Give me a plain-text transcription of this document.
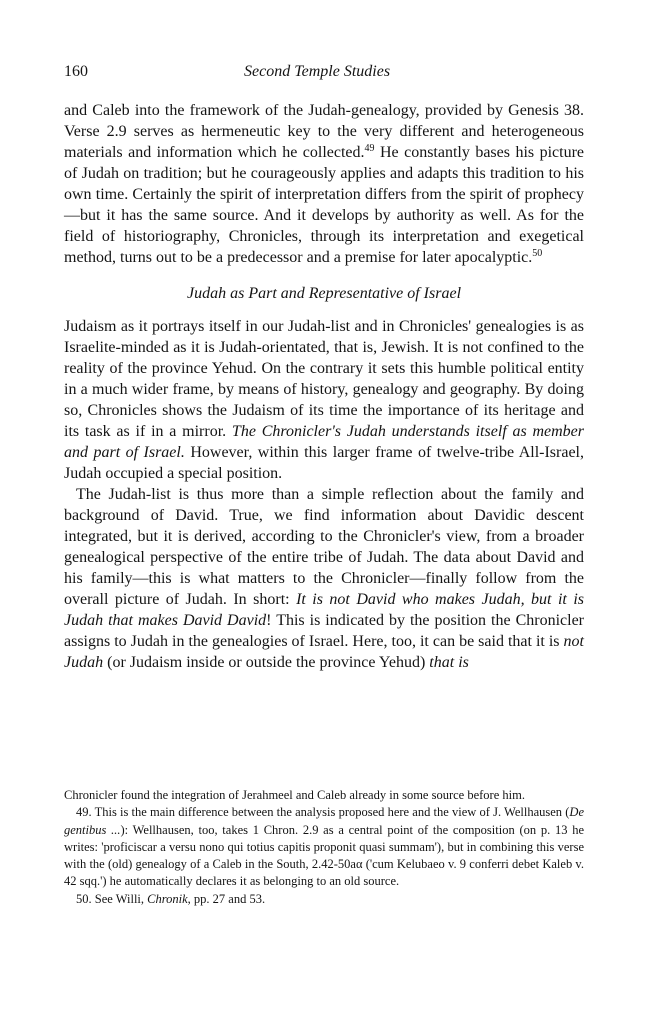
160	Second Temple Studies

and Caleb into the framework of the Judah-genealogy, provided by Genesis 38. Verse 2.9 serves as hermeneutic key to the very different and heterogeneous materials and information which he collected.$^{49}$ He constantly bases his picture of Judah on tradition; but he courageously applies and adapts this tradition to his own time. Certainly the spirit of interpretation differs from the spirit of prophecy—but it has the same source. And it develops by authority as well. As for the field of historiography, Chronicles, through its interpretation and exegetical method, turns out to be a predecessor and a premise for later apocalyptic.$^{50}$

Judah as Part and Representative of Israel

Judaism as it portrays itself in our Judah-list and in Chronicles' genealogies is as Israelite-minded as it is Judah-orientated, that is, Jewish. It is not confined to the reality of the province Yehud. On the contrary it sets this humble political entity in a much wider frame, by means of history, genealogy and geography. By doing so, Chronicles shows the Judaism of its time the importance of its heritage and its task as if in a mirror. The Chronicler's Judah understands itself as member and part of Israel. However, within this larger frame of twelve-tribe All-Israel, Judah occupied a special position.

The Judah-list is thus more than a simple reflection about the family and background of David. True, we find information about Davidic descent integrated, but it is derived, according to the Chronicler's view, from a broader genealogical perspective of the entire tribe of Judah. The data about David and his family—this is what matters to the Chronicler—finally follow from the overall picture of Judah. In short: It is not David who makes Judah, but it is Judah that makes David David! This is indicated by the position the Chronicler assigns to Judah in the genealogies of Israel. Here, too, it can be said that it is not Judah (or Judaism inside or outside the province Yehud) that is

Chronicler found the integration of Jerahmeel and Caleb already in some source before him.

49. This is the main difference between the analysis proposed here and the view of J. Wellhausen (De gentibus ...): Wellhausen, too, takes 1 Chron. 2.9 as a central point of the composition (on p. 13 he writes: 'proficiscar a versu nono qui totius capitis proponit quasi summam'), but in combining this verse with the (old) genealogy of a Caleb in the South, 2.42-50aα ('cum Kelubaeo v. 9 conferri debet Kaleb v. 42 sqq.') he automatically declares it as belonging to an old source.

50. See Willi, Chronik, pp. 27 and 53.
